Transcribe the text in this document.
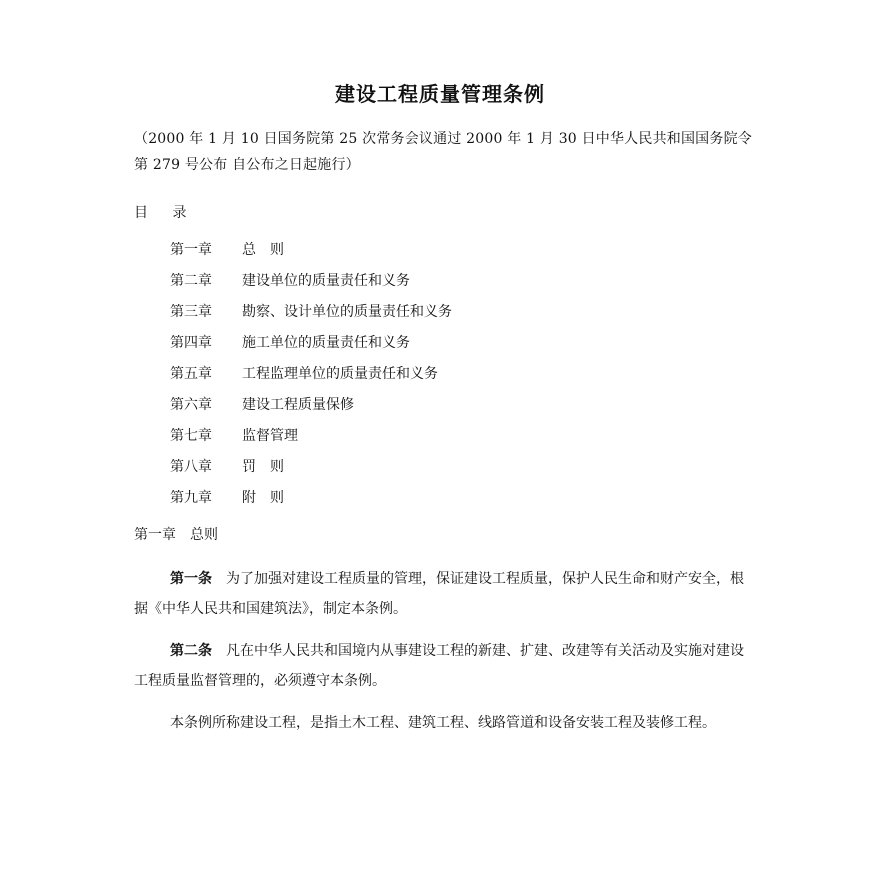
建设工程质量管理条例
（2000 年 1 月 10 日国务院第 25 次常务会议通过 2000 年 1 月 30 日中华人民共和国国务院令第 279 号公布 自公布之日起施行）
目 录
第一章 总　则
第二章 建设单位的质量责任和义务
第三章 勘察、设计单位的质量责任和义务
第四章 施工单位的质量责任和义务
第五章 工程监理单位的质量责任和义务
第六章 建设工程质量保修
第七章 监督管理
第八章 罚　则
第九章 附　则
第一章 总则
第一条 为了加强对建设工程质量的管理，保证建设工程质量，保护人民生命和财产安全，根据《中华人民共和国建筑法》，制定本条例。
第二条 凡在中华人民共和国境内从事建设工程的新建、扩建、改建等有关活动及实施对建设工程质量监督管理的，必须遵守本条例。
本条例所称建设工程，是指土木工程、建筑工程、线路管道和设备安装工程及装修工程。
